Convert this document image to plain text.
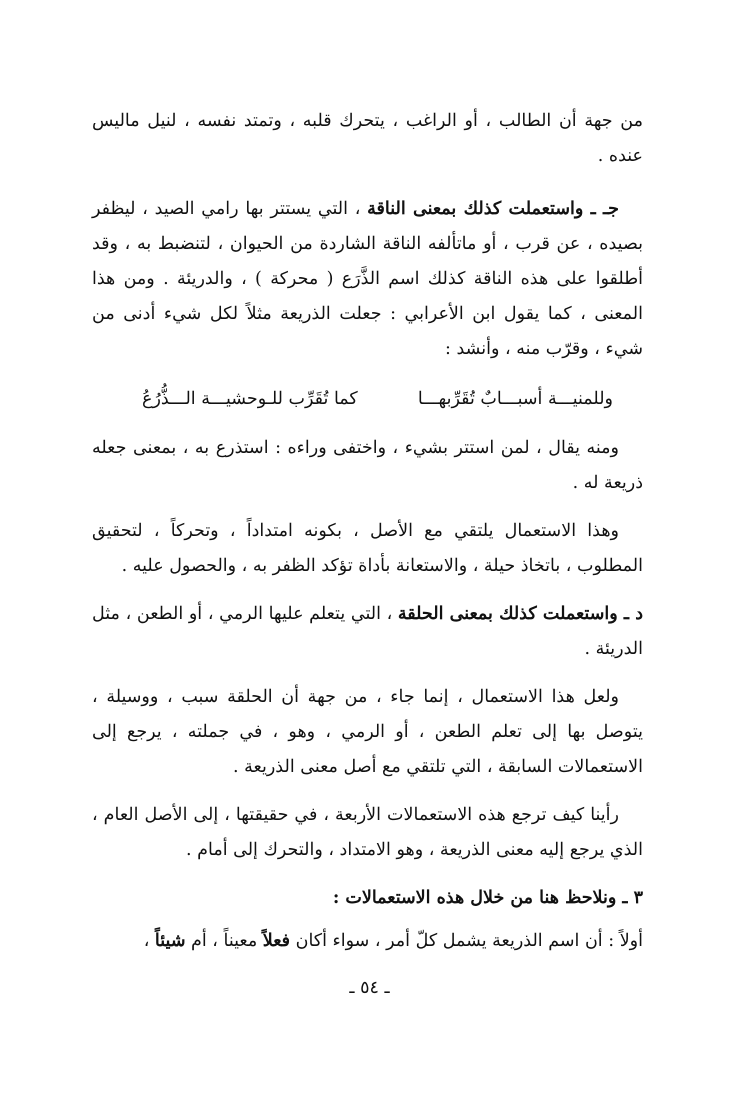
من جهة أن الطالب ، أو الراغب ، يتحرك قلبه ، وتمتد نفسه ، لنيل ماليس عنده .

جـ ـ واستعملت كذلك بمعنى الناقة ، التي يستتر بها رامي الصيد ، ليظفر بصيده ، عن قرب ، أو ماتألفه الناقة الشاردة من الحيوان ، لتنضبط به ، وقد أطلقوا على هذه الناقة كذلك اسم الذَّرَع ( محركة ) ، والدريئة . ومن هذا المعنى ، كما يقول ابن الأعرابي : جعلت الذريعة مثلاً لكل شيء أدنى من شيء ، وقرّب منه ، وأنشد :

وللمنيـــة أسبـــابٌ تُقَرِّبهـــا
كما تُقَرِّب للـوحشيـــة الـــذُّرُعُ

ومنه يقال ، لمن استتر بشيء ، واختفى وراءه : استذرع به ، بمعنى جعله ذريعة له .

وهذا الاستعمال يلتقي مع الأصل ، بكونه امتداداً ، وتحركاً ، لتحقيق المطلوب ، باتخاذ حيلة ، والاستعانة بأداة تؤكد الظفر به ، والحصول عليه .

د ـ واستعملت كذلك بمعنى الحلقة ، التي يتعلم عليها الرمي ، أو الطعن ، مثل الدريئة .

ولعل هذا الاستعمال ، إنما جاء ، من جهة أن الحلقة سبب ، ووسيلة ، يتوصل بها إلى تعلم الطعن ، أو الرمي ، وهو ، في جملته ، يرجع إلى الاستعمالات السابقة ، التي تلتقي مع أصل معنى الذريعة .

رأينا كيف ترجع هذه الاستعمالات الأربعة ، في حقيقتها ، إلى الأصل العام ، الذي يرجع إليه معنى الذريعة ، وهو الامتداد ، والتحرك إلى أمام .

٣ ـ ونلاحظ هنا من خلال هذه الاستعمالات :

أولاً : أن اسم الذريعة يشمل كلّ أمر ، سواء أكان فعلاً معيناً ، أم شيئاً ،

ـ ٥٤ ـ
